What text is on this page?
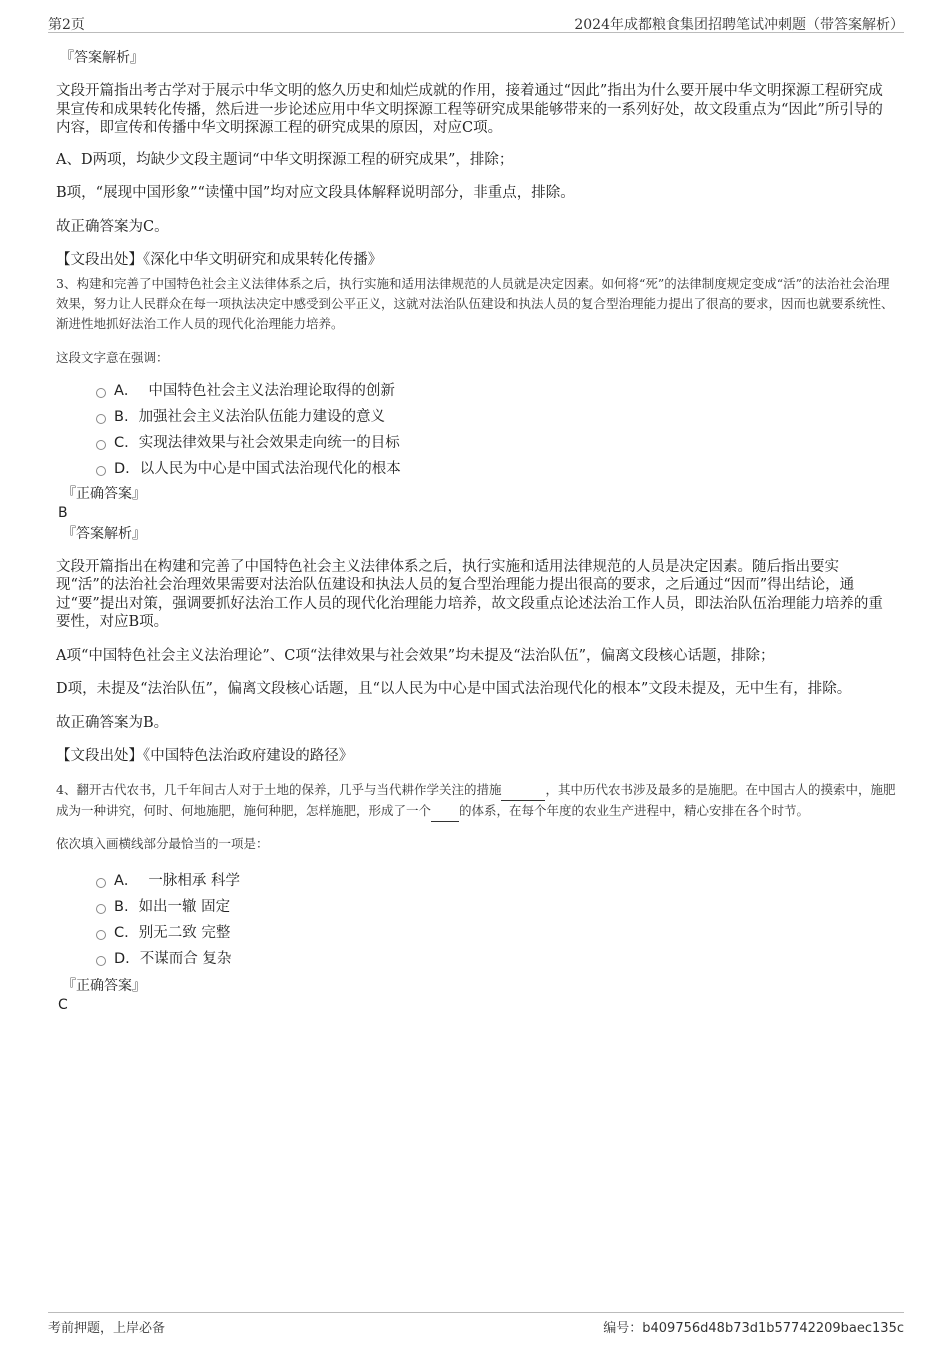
第2页	2024年成都粮食集团招聘笔试冲刺题（带答案解析）
『答案解析』

文段开篇指出考古学对于展示中华文明的悠久历史和灿烂成就的作用，接着通过“因此”指出为什么要开展中华文明探源工程研究成果宣传和成果转化传播，然后进一步论述应用中华文明探源工程等研究成果能够带来的一系列好处，故文段重点为“因此”所引导的内容，即宣传和传播中华文明探源工程的研究成果的原因，对应C项。

A、D两项，均缺少文段主题词“中华文明探源工程的研究成果”，排除；

B项，“展现中国形象”“读懂中国”均对应文段具体解释说明部分，非重点，排除。

故正确答案为C。

【文段出处】《深化中华文明研究和成果转化传播》

3、构建和完善了中国特色社会主义法律体系之后，执行实施和适用法律规范的人员就是决定因素。如何将“死”的法律制度规定变成“活”的法治社会治理效果，努力让人民群众在每一项执法决定中感受到公平正义，这就对法治队伍建设和执法人员的复合型治理能力提出了很高的要求，因而也就要系统性、渐进性地抓好法治工作人员的现代化治理能力培养。

这段文字意在强调：

A． 中国特色社会主义法治理论取得的创新
B. 加强社会主义法治队伍能力建设的意义
C. 实现法律效果与社会效果走向统一的目标
D. 以人民为中心是中国式法治现代化的根本
『正确答案』
B
『答案解析』

文段开篇指出在构建和完善了中国特色社会主义法律体系之后，执行实施和适用法律规范的人员是决定因素。随后指出要实现“活”的法治社会治理效果需要对法治队伍建设和执法人员的复合型治理能力提出很高的要求，之后通过“因而”得出结论，通过“要”提出对策，强调要抓好法治工作人员的现代化治理能力培养，故文段重点论述法治工作人员，即法治队伍治理能力培养的重要性，对应B项。

A项“中国特色社会主义法治理论”、C项“法律效果与社会效果”均未提及“法治队伍”，偏离文段核心话题，排除；

D项，未提及“法治队伍”，偏离文段核心话题，且“以人民为中心是中国式法治现代化的根本”文段未提及，无中生有，排除。

故正确答案为B。

【文段出处】《中国特色法治政府建设的路径》

4、翻开古代农书，几千年间古人对于土地的保养，几乎与当代耕作学关注的措施	，其中历代农书涉及最多的是施肥。在中国古人的摸索中，施肥成为一种讲究，何时、何地施肥，施何种肥，怎样施肥，形成了一个 的体系，在每个年度的农业生产进程中，精心安排在各个时节。

依次填入画横线部分最恰当的一项是：

A． 一脉相承 科学
B. 如出一辙 固定
C. 别无二致 完整
D. 不谋而合 复杂
『正确答案』
C
考前押题，上岸必备	编号：b409756d48b73d1b57742209baec135c
